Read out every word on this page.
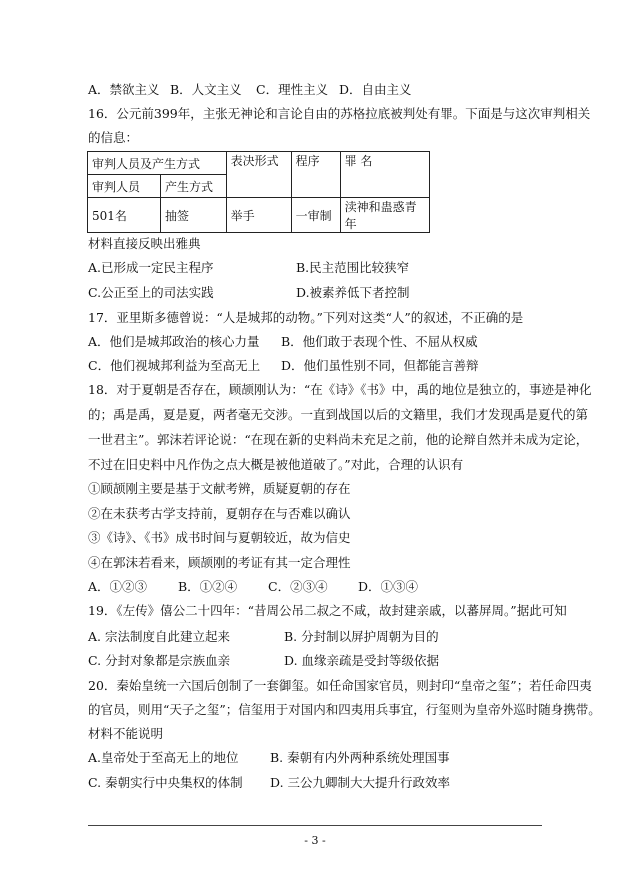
A．禁欲主义 B．人文主义 C．理性主义 D．自由主义
16．公元前399年，主张无神论和言论自由的苏格拉底被判处有罪。下面是与这次审判相关
的信息：
审判人员及产生方式		表决形式	程序	罪 名
审判人员	产生方式			
501名	抽签	举手	一审制	渎神和蛊惑青年
材料直接反映出雅典
A.已形成一定民主程序	B.民主范围比较狭窄
C.公正至上的司法实践	D.被素养低下者控制
17．亚里斯多德曾说：“人是城邦的动物。”下列对这类“人”的叙述，不正确的是
A．他们是城邦政治的核心力量 B．他们敢于表现个性、不屈从权威
C．他们视城邦利益为至高无上 D．他们虽性别不同，但都能言善辩
18．对于夏朝是否存在，顾颉刚认为：“在《诗》《书》中，禹的地位是独立的，事迹是神化
的；禹是禹，夏是夏，两者毫无交涉。一直到战国以后的文籍里，我们才发现禹是夏代的第
一世君主”。郭沫若评论说：“在现在新的史料尚未充足之前，他的论辩自然并未成为定论，
不过在旧史料中凡作伪之点大概是被他道破了。”对此，合理的认识有
①顾颉刚主要是基于文献考辨，质疑夏朝的存在
②在未获考古学支持前，夏朝存在与否难以确认
③《诗》、《书》成书时间与夏朝较近，故为信史
④在郭沫若看来，顾颉刚的考证有其一定合理性
A．①②③ B．①②④ C．②③④ D．①③④
19．《左传》僖公二十四年：“昔周公吊二叔之不咸，故封建亲戚，以蕃屏周。”据此可知
A. 宗法制度自此建立起来	B. 分封制以屏护周朝为目的
C. 分封对象都是宗族血亲	D. 血缘亲疏是受封等级依据
20．秦始皇统一六国后创制了一套御玺。如任命国家官员，则封印“皇帝之玺”；若任命四夷
的官员，则用“天子之玺”；信玺用于对国内和四夷用兵事宜，行玺则为皇帝外巡时随身携带。
材料不能说明
A.皇帝处于至高无上的地位	B. 秦朝有内外两种系统处理国事
C. 秦朝实行中央集权的体制 D. 三公九卿制大大提升行政效率
- 3 -
